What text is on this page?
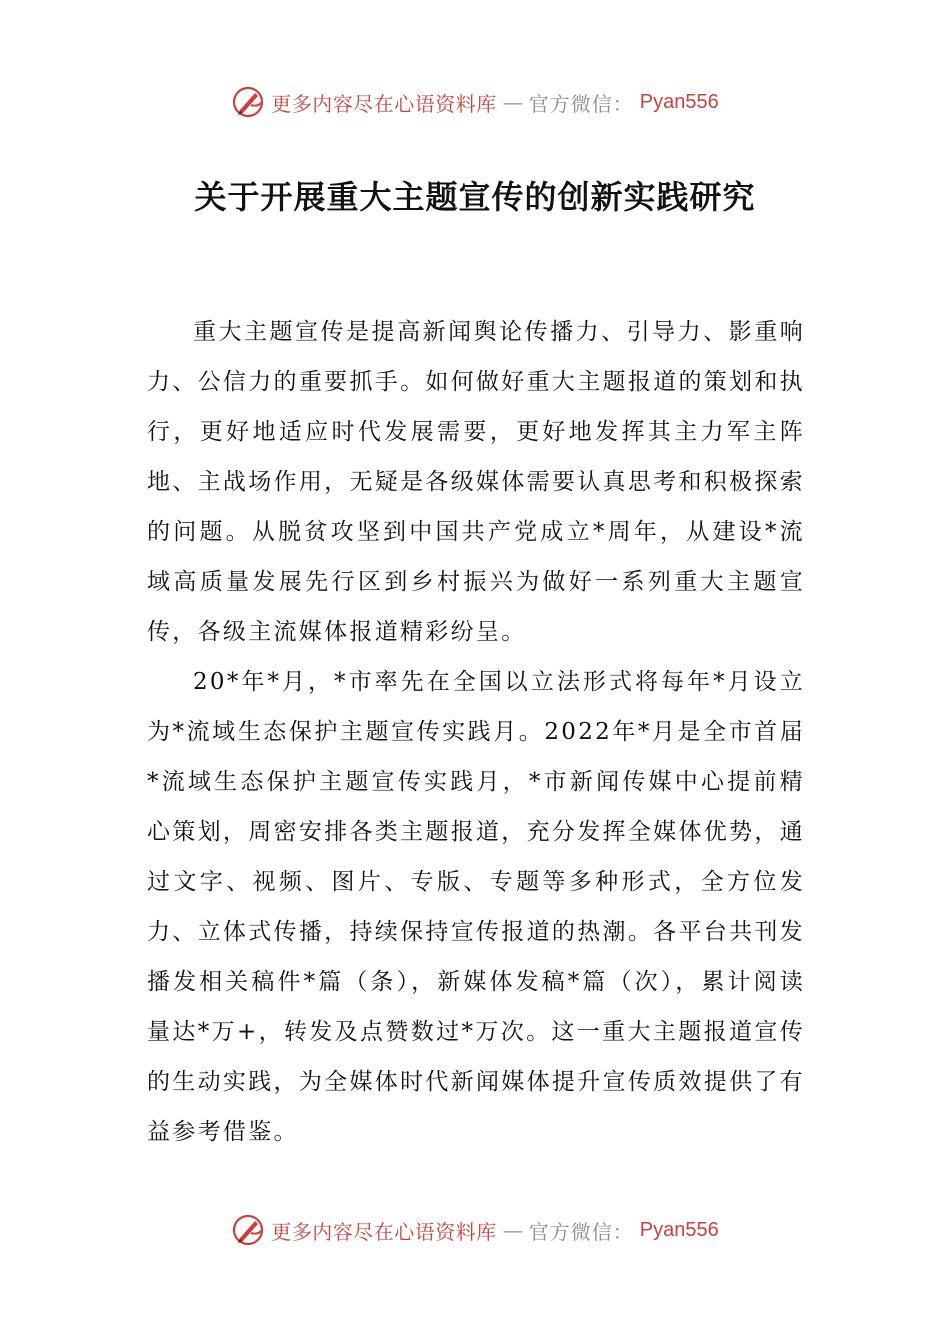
更多内容尽在心语资料库 — 官方微信： Pyan556
关于开展重大主题宣传的创新实践研究

重大主题宣传是提高新闻舆论传播力、引导力、影重响力、公信力的重要抓手。如何做好重大主题报道的策划和执行，更好地适应时代发展需要，更好地发挥其主力军主阵地、主战场作用，无疑是各级媒体需要认真思考和积极探索的问题。从脱贫攻坚到中国共产党成立*周年，从建设*流域高质量发展先行区到乡村振兴为做好一系列重大主题宣传，各级主流媒体报道精彩纷呈。

20*年*月，*市率先在全国以立法形式将每年*月设立为*流域生态保护主题宣传实践月。2022年*月是全市首届*流域生态保护主题宣传实践月，*市新闻传媒中心提前精心策划，周密安排各类主题报道，充分发挥全媒体优势，通过文字、视频、图片、专版、专题等多种形式，全方位发力、立体式传播，持续保持宣传报道的热潮。各平台共刊发播发相关稿件*篇（条），新媒体发稿*篇（次），累计阅读量达*万+，转发及点赞数过*万次。这一重大主题报道宣传的生动实践，为全媒体时代新闻媒体提升宣传质效提供了有益参考借鉴。

更多内容尽在心语资料库 — 官方微信： Pyan556
